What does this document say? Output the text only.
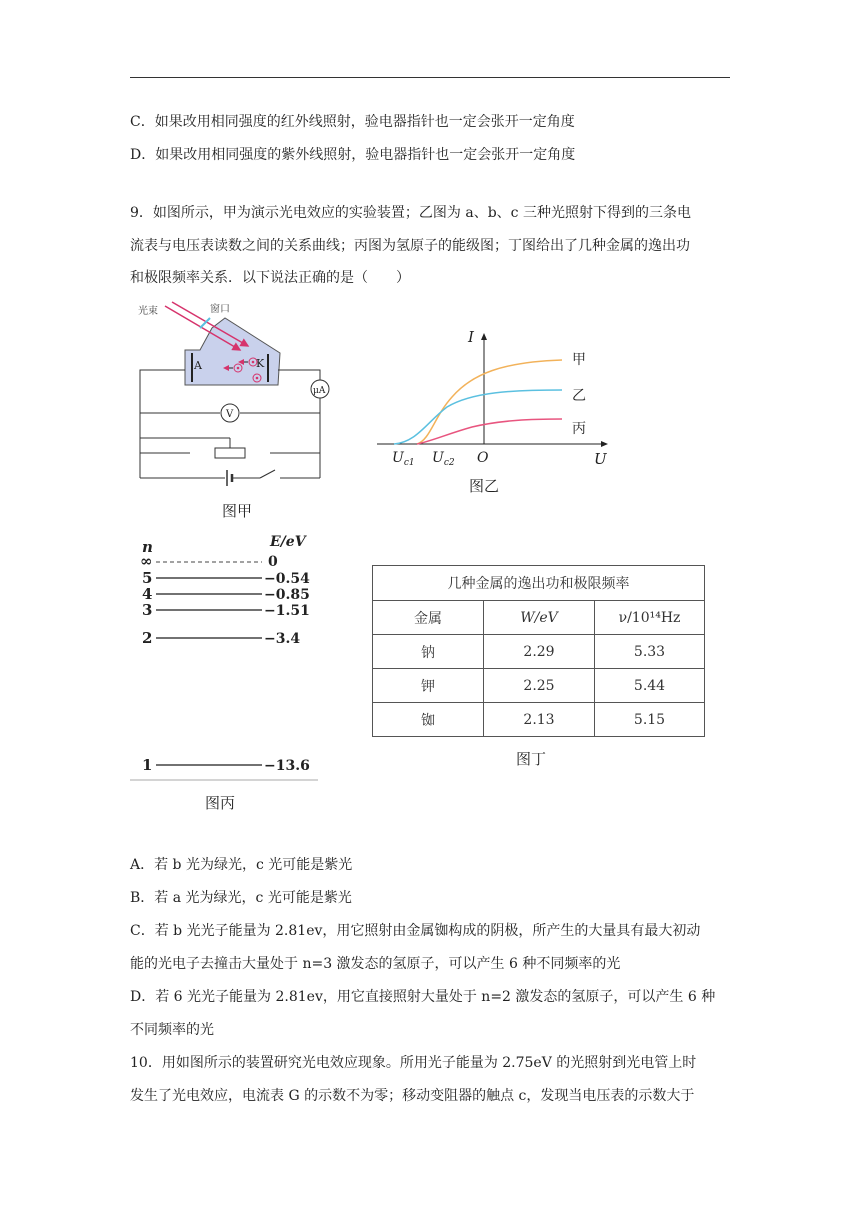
C．如果改用相同强度的红外线照射，验电器指针也一定会张开一定角度
D．如果改用相同强度的紫外线照射，验电器指针也一定会张开一定角度
9．如图所示，甲为演示光电效应的实验装置；乙图为 a、b、c 三种光照射下得到的三条电
流表与电压表读数之间的关系曲线；丙图为氢原子的能级图；丁图给出了几种金属的逸出功
和极限频率关系．以下说法正确的是（　　）
A	K
光束	窗口
μA
V
图甲
I
U
O
$U_{c1}$ $U_{c2}$
甲
乙
丙
图乙
n	E/eV
∞	0
5	−0.54
4	−0.85
3	−1.51
2	−3.4
1	−13.6
图丙
几种金属的逸出功和极限频率		
金属	W/eV	ν/10¹⁴Hz
钠	2.29	5.33
钾	2.25	5.44
铷	2.13	5.15
图丁
A．若 b 光为绿光，c 光可能是紫光
B．若 a 光为绿光，c 光可能是紫光
C．若 b 光光子能量为 2.81ev，用它照射由金属铷构成的阴极，所产生的大量具有最大初动
能的光电子去撞击大量处于 n=3 激发态的氢原子，可以产生 6 种不同频率的光
D．若 6 光光子能量为 2.81ev，用它直接照射大量处于 n=2 激发态的氢原子，可以产生 6 种
不同频率的光
10．用如图所示的装置研究光电效应现象。所用光子能量为 2.75eV 的光照射到光电管上时
发生了光电效应，电流表 G 的示数不为零；移动变阻器的触点 c，发现当电压表的示数大于
